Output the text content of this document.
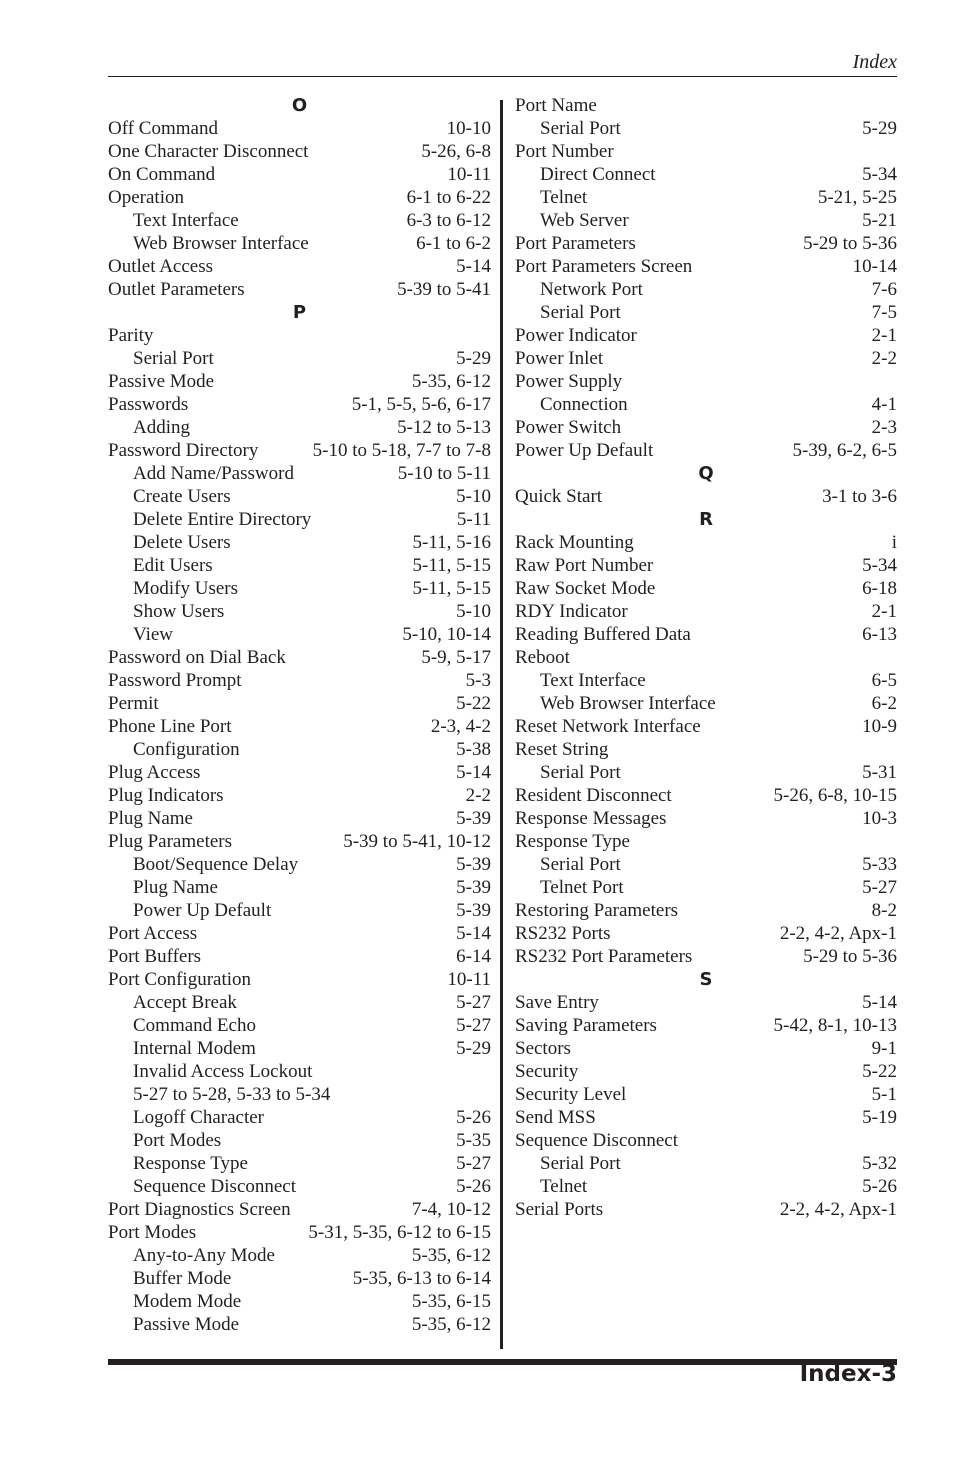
Index
O
Off Command	10-10
One Character Disconnect	5-26, 6-8
On Command	10-11
Operation	6-1 to 6-22
Text Interface	6-3 to 6-12
Web Browser Interface	6-1 to 6-2
Outlet Access	5-14
Outlet Parameters	5-39 to 5-41
P
Parity
Serial Port	5-29
Passive Mode	5-35, 6-12
Passwords	5-1, 5-5, 5-6, 6-17
Adding	5-12 to 5-13
Password Directory	5-10 to 5-18, 7-7 to 7-8
Add Name/Password	5-10 to 5-11
Create Users	5-10
Delete Entire Directory	5-11
Delete Users	5-11, 5-16
Edit Users	5-11, 5-15
Modify Users	5-11, 5-15
Show Users	5-10
View	5-10, 10-14
Password on Dial Back	5-9, 5-17
Password Prompt	5-3
Permit	5-22
Phone Line Port	2-3, 4-2
Configuration	5-38
Plug Access	5-14
Plug Indicators	2-2
Plug Name	5-39
Plug Parameters	5-39 to 5-41, 10-12
Boot/Sequence Delay	5-39
Plug Name	5-39
Power Up Default	5-39
Port Access	5-14
Port Buffers	6-14
Port Configuration	10-11
Accept Break	5-27
Command Echo	5-27
Internal Modem	5-29
Invalid Access Lockout
5-27 to 5-28, 5-33 to 5-34
Logoff Character	5-26
Port Modes	5-35
Response Type	5-27
Sequence Disconnect	5-26
Port Diagnostics Screen	7-4, 10-12
Port Modes	5-31, 5-35, 6-12 to 6-15
Any-to-Any Mode	5-35, 6-12
Buffer Mode	5-35, 6-13 to 6-14
Modem Mode	5-35, 6-15
Passive Mode	5-35, 6-12
Port Name
Serial Port	5-29
Port Number
Direct Connect	5-34
Telnet	5-21, 5-25
Web Server	5-21
Port Parameters	5-29 to 5-36
Port Parameters Screen	10-14
Network Port	7-6
Serial Port	7-5
Power Indicator	2-1
Power Inlet	2-2
Power Supply
Connection	4-1
Power Switch	2-3
Power Up Default	5-39, 6-2, 6-5
Q
Quick Start	3-1 to 3-6
R
Rack Mounting	i
Raw Port Number	5-34
Raw Socket Mode	6-18
RDY Indicator	2-1
Reading Buffered Data	6-13
Reboot
Text Interface	6-5
Web Browser Interface	6-2
Reset Network Interface	10-9
Reset String
Serial Port	5-31
Resident Disconnect	5-26, 6-8, 10-15
Response Messages	10-3
Response Type
Serial Port	5-33
Telnet Port	5-27
Restoring Parameters	8-2
RS232 Ports	2-2, 4-2, Apx-1
RS232 Port Parameters	5-29 to 5-36
S
Save Entry	5-14
Saving Parameters	5-42, 8-1, 10-13
Sectors	9-1
Security	5-22
Security Level	5-1
Send MSS	5-19
Sequence Disconnect
Serial Port	5-32
Telnet	5-26
Serial Ports	2-2, 4-2, Apx-1
Index-3
